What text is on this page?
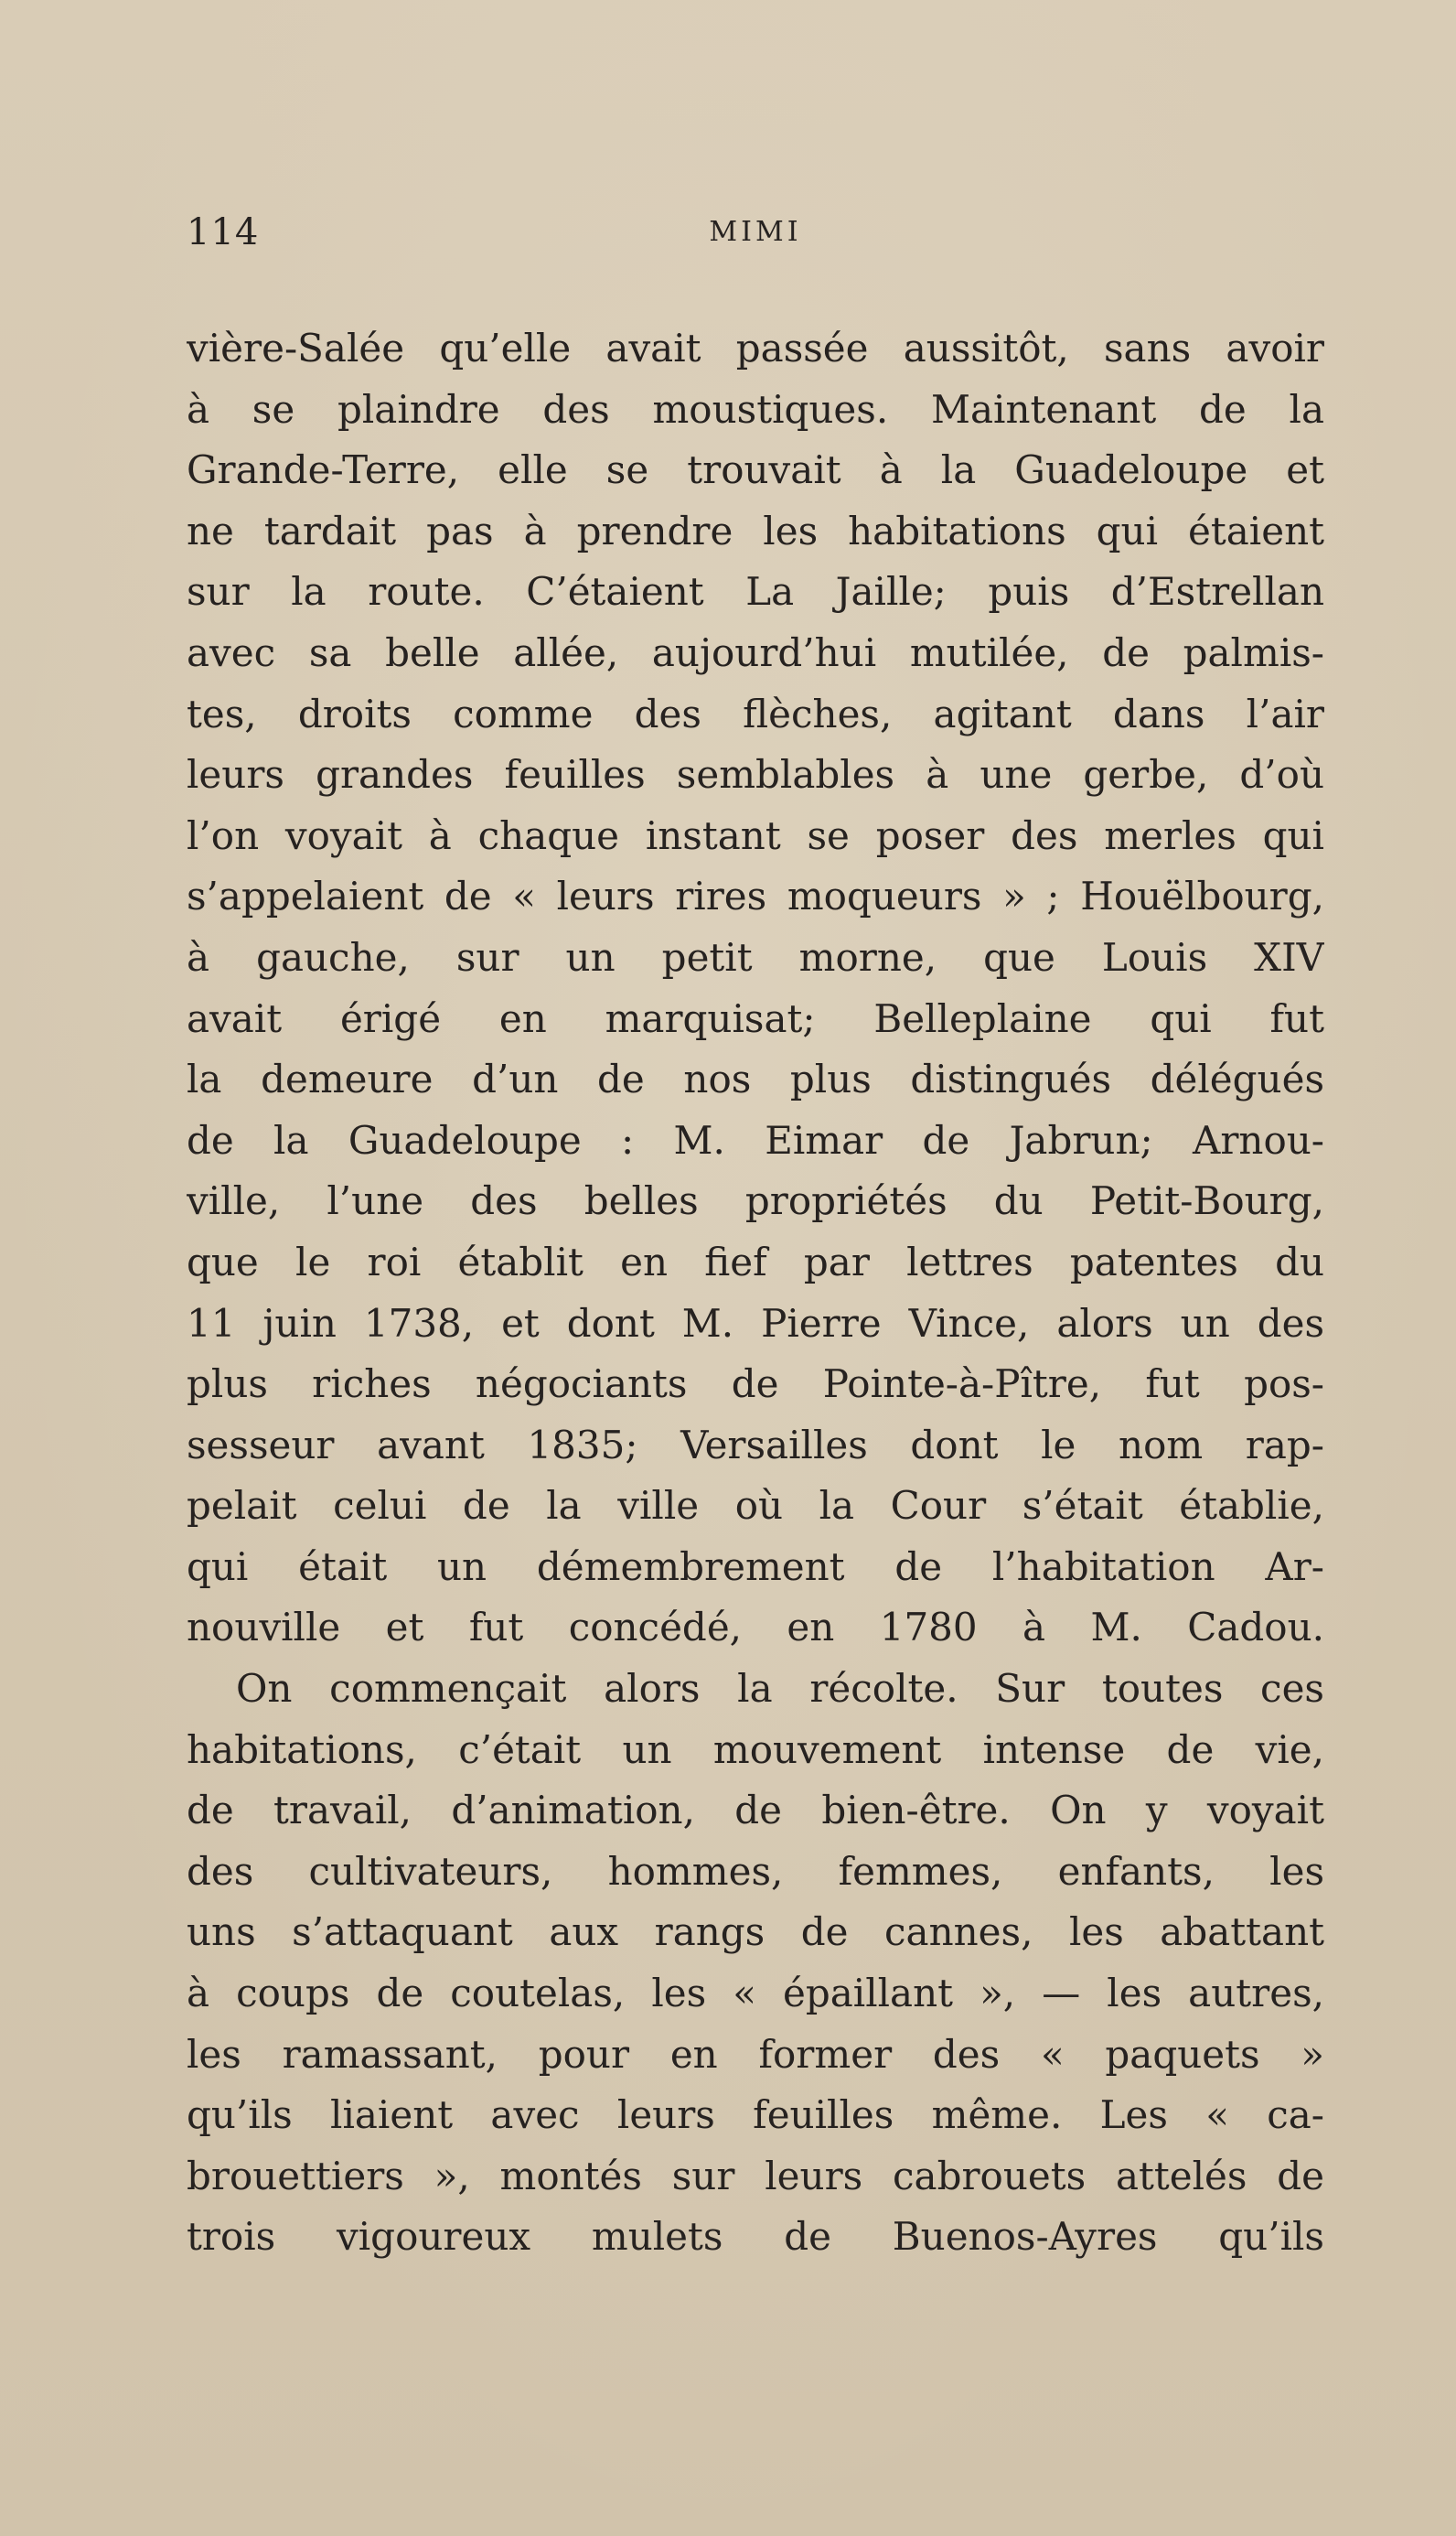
114	MIMI
vière-Salée qu’elle avait passée aussitôt, sans avoir
à se plaindre des moustiques. Maintenant de la
Grande-Terre, elle se trouvait à la Guadeloupe et
ne tardait pas à prendre les habitations qui étaient
sur la route. C’étaient La Jaille; puis d’Estrellan
avec sa belle allée, aujourd’hui mutilée, de palmis-
tes, droits comme des flèches, agitant dans l’air
leurs grandes feuilles semblables à une gerbe, d’où
l’on voyait à chaque instant se poser des merles qui
s’appelaient de « leurs rires moqueurs » ; Houëlbourg,
à gauche, sur un petit morne, que Louis XIV
avait érigé en marquisat; Belleplaine qui fut
la demeure d’un de nos plus distingués délégués
de la Guadeloupe : M. Eimar de Jabrun; Arnou-
ville, l’une des belles propriétés du Petit-Bourg,
que le roi établit en fief par lettres patentes du
11 juin 1738, et dont M. Pierre Vince, alors un des
plus riches négociants de Pointe-à-Pître, fut pos-
sesseur avant 1835; Versailles dont le nom rap-
pelait celui de la ville où la Cour s’était établie,
qui était un démembrement de l’habitation Ar-
nouville et fut concédé, en 1780 à M. Cadou.
On commençait alors la récolte. Sur toutes ces
habitations, c’était un mouvement intense de vie,
de travail, d’animation, de bien-être. On y voyait
des cultivateurs, hommes, femmes, enfants, les
uns s’attaquant aux rangs de cannes, les abattant
à coups de coutelas, les « épaillant », — les autres,
les ramassant, pour en former des « paquets »
qu’ils liaient avec leurs feuilles même. Les « ca-
brouettiers », montés sur leurs cabrouets attelés de
trois vigoureux mulets de Buenos-Ayres qu’ils
